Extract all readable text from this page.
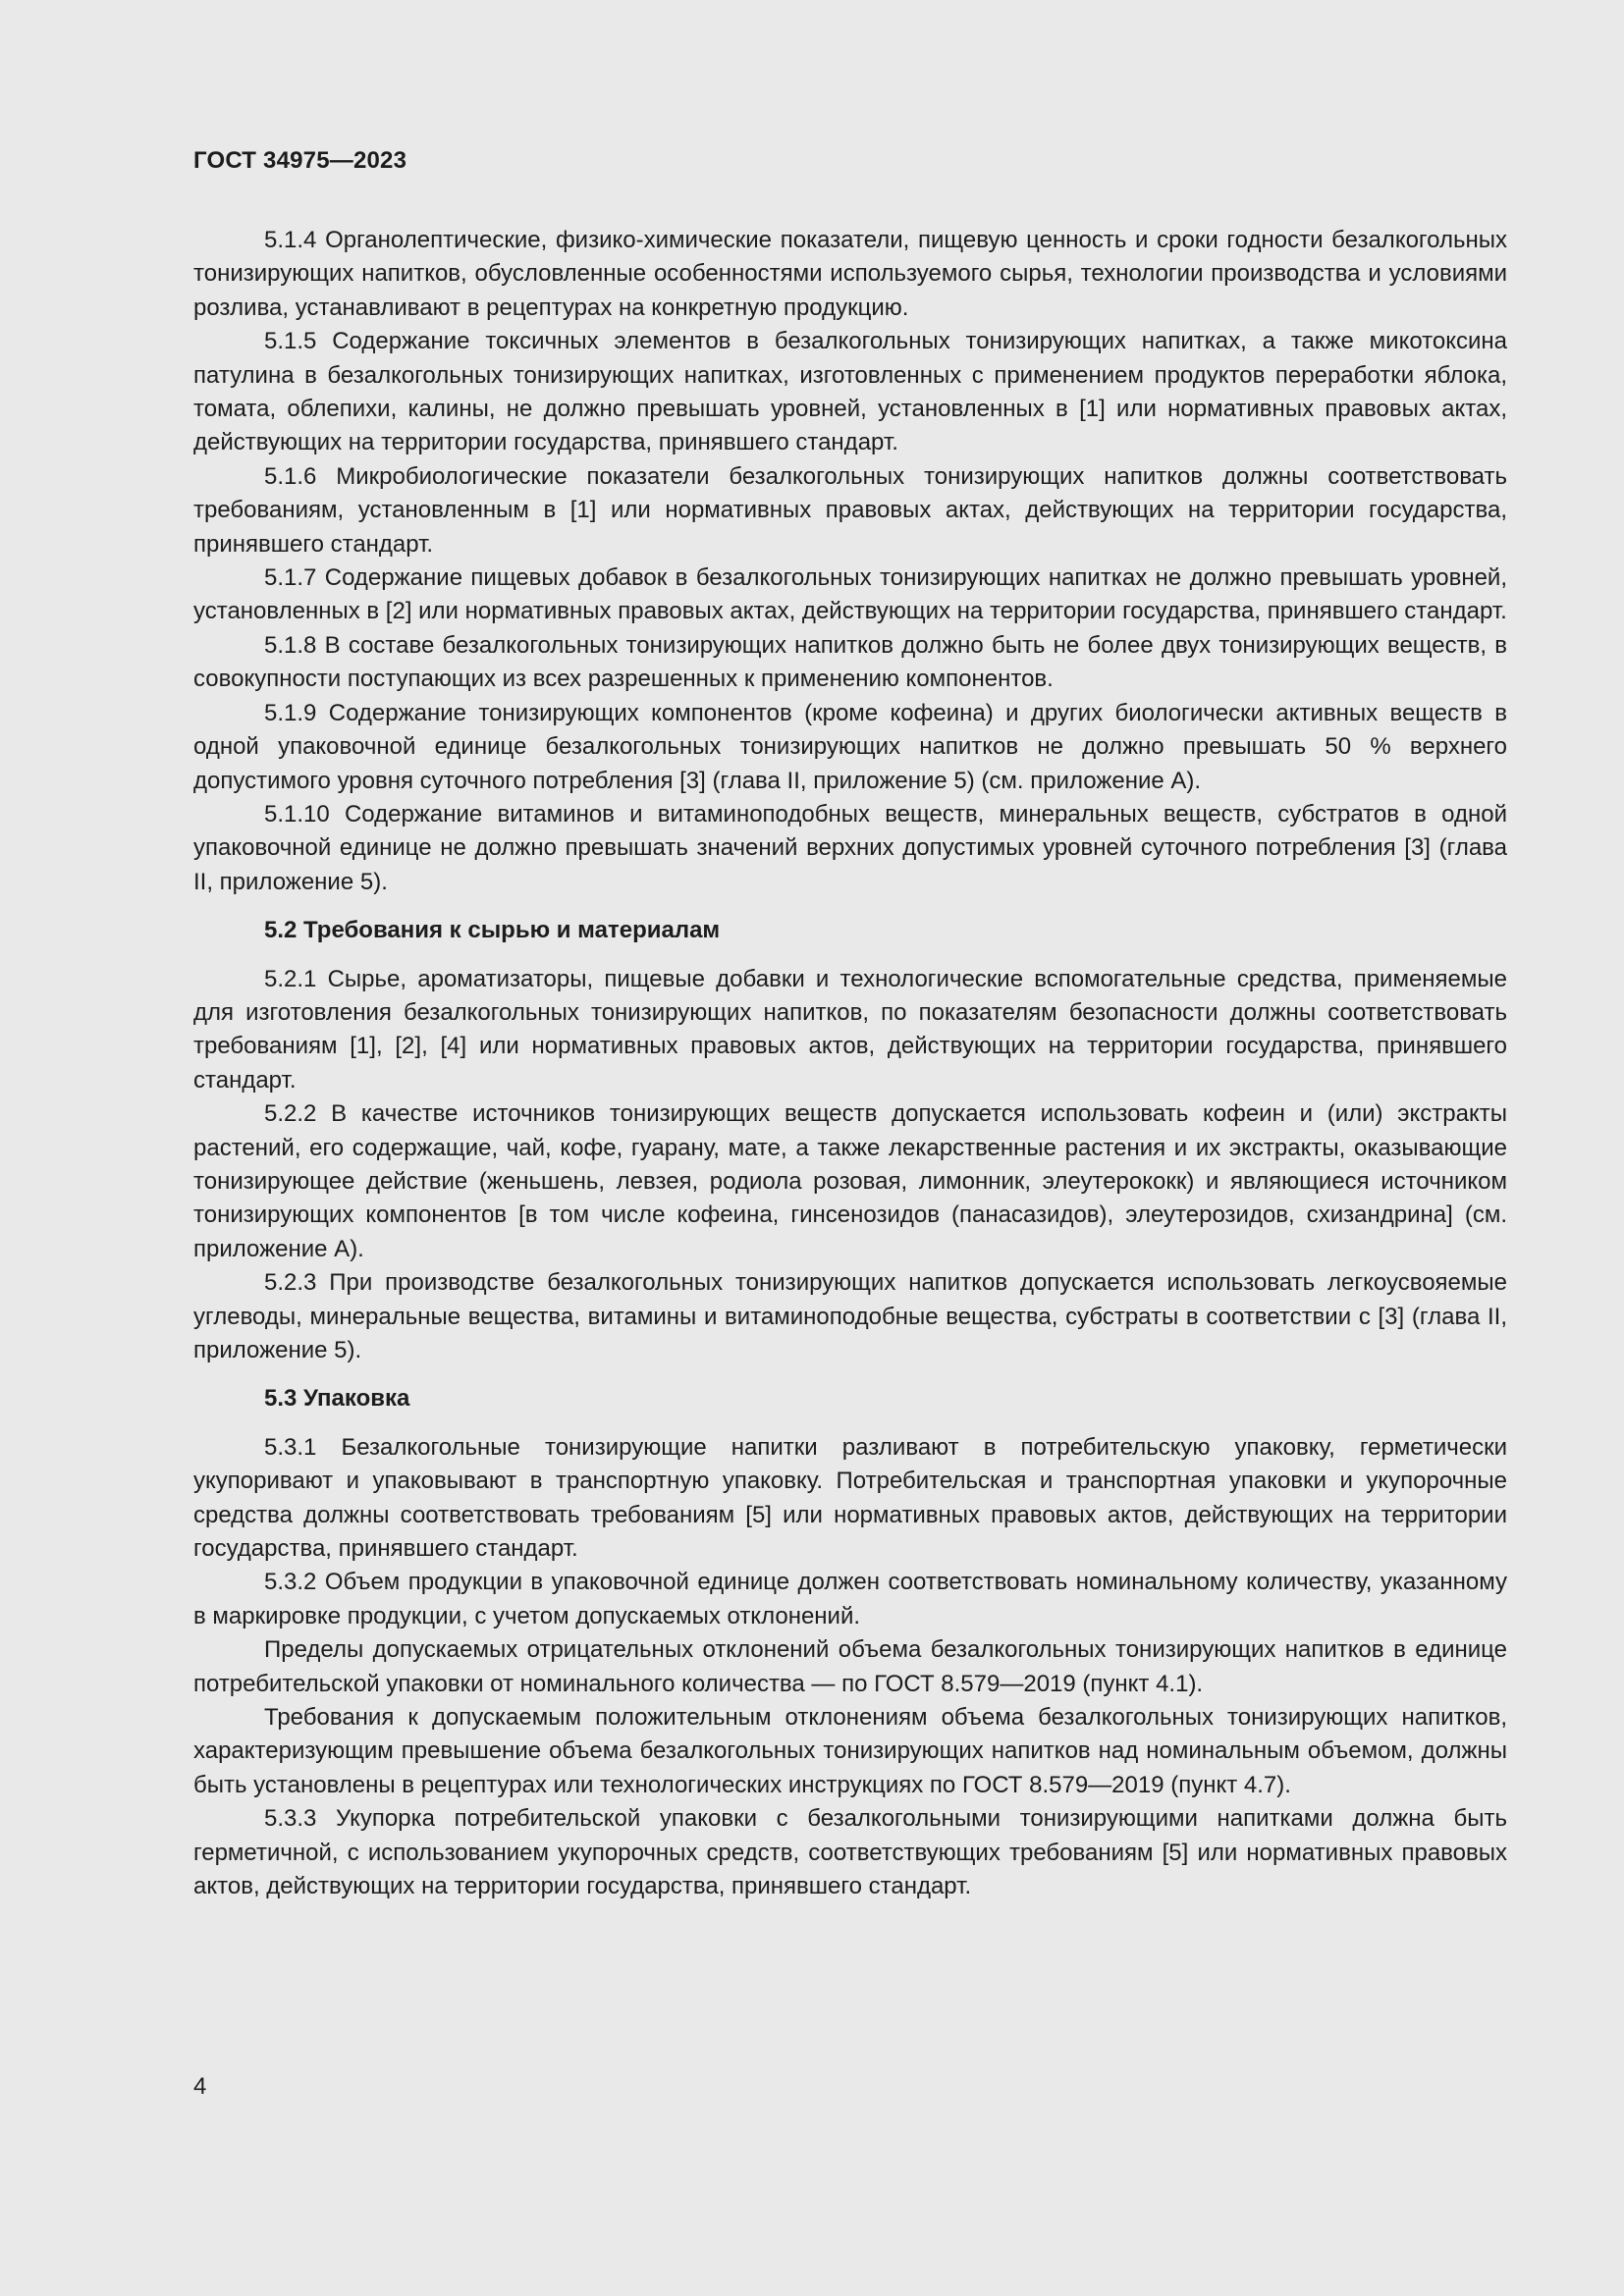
ГОСТ 34975—2023

5.1.4 Органолептические, физико-химические показатели, пищевую ценность и сроки годности безалкогольных тонизирующих напитков, обусловленные особенностями используемого сырья, технологии производства и условиями розлива, устанавливают в рецептурах на конкретную продукцию.

5.1.5 Содержание токсичных элементов в безалкогольных тонизирующих напитках, а также микотоксина патулина в безалкогольных тонизирующих напитках, изготовленных с применением продуктов переработки яблока, томата, облепихи, калины, не должно превышать уровней, установленных в [1] или нормативных правовых актах, действующих на территории государства, принявшего стандарт.

5.1.6 Микробиологические показатели безалкогольных тонизирующих напитков должны соответствовать требованиям, установленным в [1] или нормативных правовых актах, действующих на территории государства, принявшего стандарт.

5.1.7 Содержание пищевых добавок в безалкогольных тонизирующих напитках не должно превышать уровней, установленных в [2] или нормативных правовых актах, действующих на территории государства, принявшего стандарт.

5.1.8 В составе безалкогольных тонизирующих напитков должно быть не более двух тонизирующих веществ, в совокупности поступающих из всех разрешенных к применению компонентов.

5.1.9 Содержание тонизирующих компонентов (кроме кофеина) и других биологически активных веществ в одной упаковочной единице безалкогольных тонизирующих напитков не должно превышать 50 % верхнего допустимого уровня суточного потребления [3] (глава II, приложение 5) (см. приложение А).

5.1.10 Содержание витаминов и витаминоподобных веществ, минеральных веществ, субстратов в одной упаковочной единице не должно превышать значений верхних допустимых уровней суточного потребления [3] (глава II, приложение 5).

5.2 Требования к сырью и материалам

5.2.1 Сырье, ароматизаторы, пищевые добавки и технологические вспомогательные средства, применяемые для изготовления безалкогольных тонизирующих напитков, по показателям безопасности должны соответствовать требованиям [1], [2], [4] или нормативных правовых актов, действующих на территории государства, принявшего стандарт.

5.2.2 В качестве источников тонизирующих веществ допускается использовать кофеин и (или) экстракты растений, его содержащие, чай, кофе, гуарану, мате, а также лекарственные растения и их экстракты, оказывающие тонизирующее действие (женьшень, левзея, родиола розовая, лимонник, элеутерококк) и являющиеся источником тонизирующих компонентов [в том числе кофеина, гинсенозидов (панасазидов), элеутерозидов, схизандрина] (см. приложение А).

5.2.3 При производстве безалкогольных тонизирующих напитков допускается использовать легкоусвояемые углеводы, минеральные вещества, витамины и витаминоподобные вещества, субстраты в соответствии с [3] (глава II, приложение 5).

5.3 Упаковка

5.3.1 Безалкогольные тонизирующие напитки разливают в потребительскую упаковку, герметически укупоривают и упаковывают в транспортную упаковку. Потребительская и транспортная упаковки и укупорочные средства должны соответствовать требованиям [5] или нормативных правовых актов, действующих на территории государства, принявшего стандарт.

5.3.2 Объем продукции в упаковочной единице должен соответствовать номинальному количеству, указанному в маркировке продукции, с учетом допускаемых отклонений.

Пределы допускаемых отрицательных отклонений объема безалкогольных тонизирующих напитков в единице потребительской упаковки от номинального количества — по ГОСТ 8.579—2019 (пункт 4.1).

Требования к допускаемым положительным отклонениям объема безалкогольных тонизирующих напитков, характеризующим превышение объема безалкогольных тонизирующих напитков над номинальным объемом, должны быть установлены в рецептурах или технологических инструкциях по ГОСТ 8.579—2019 (пункт 4.7).

5.3.3 Укупорка потребительской упаковки с безалкогольными тонизирующими напитками должна быть герметичной, с использованием укупорочных средств, соответствующих требованиям [5] или нормативных правовых актов, действующих на территории государства, принявшего стандарт.

4
